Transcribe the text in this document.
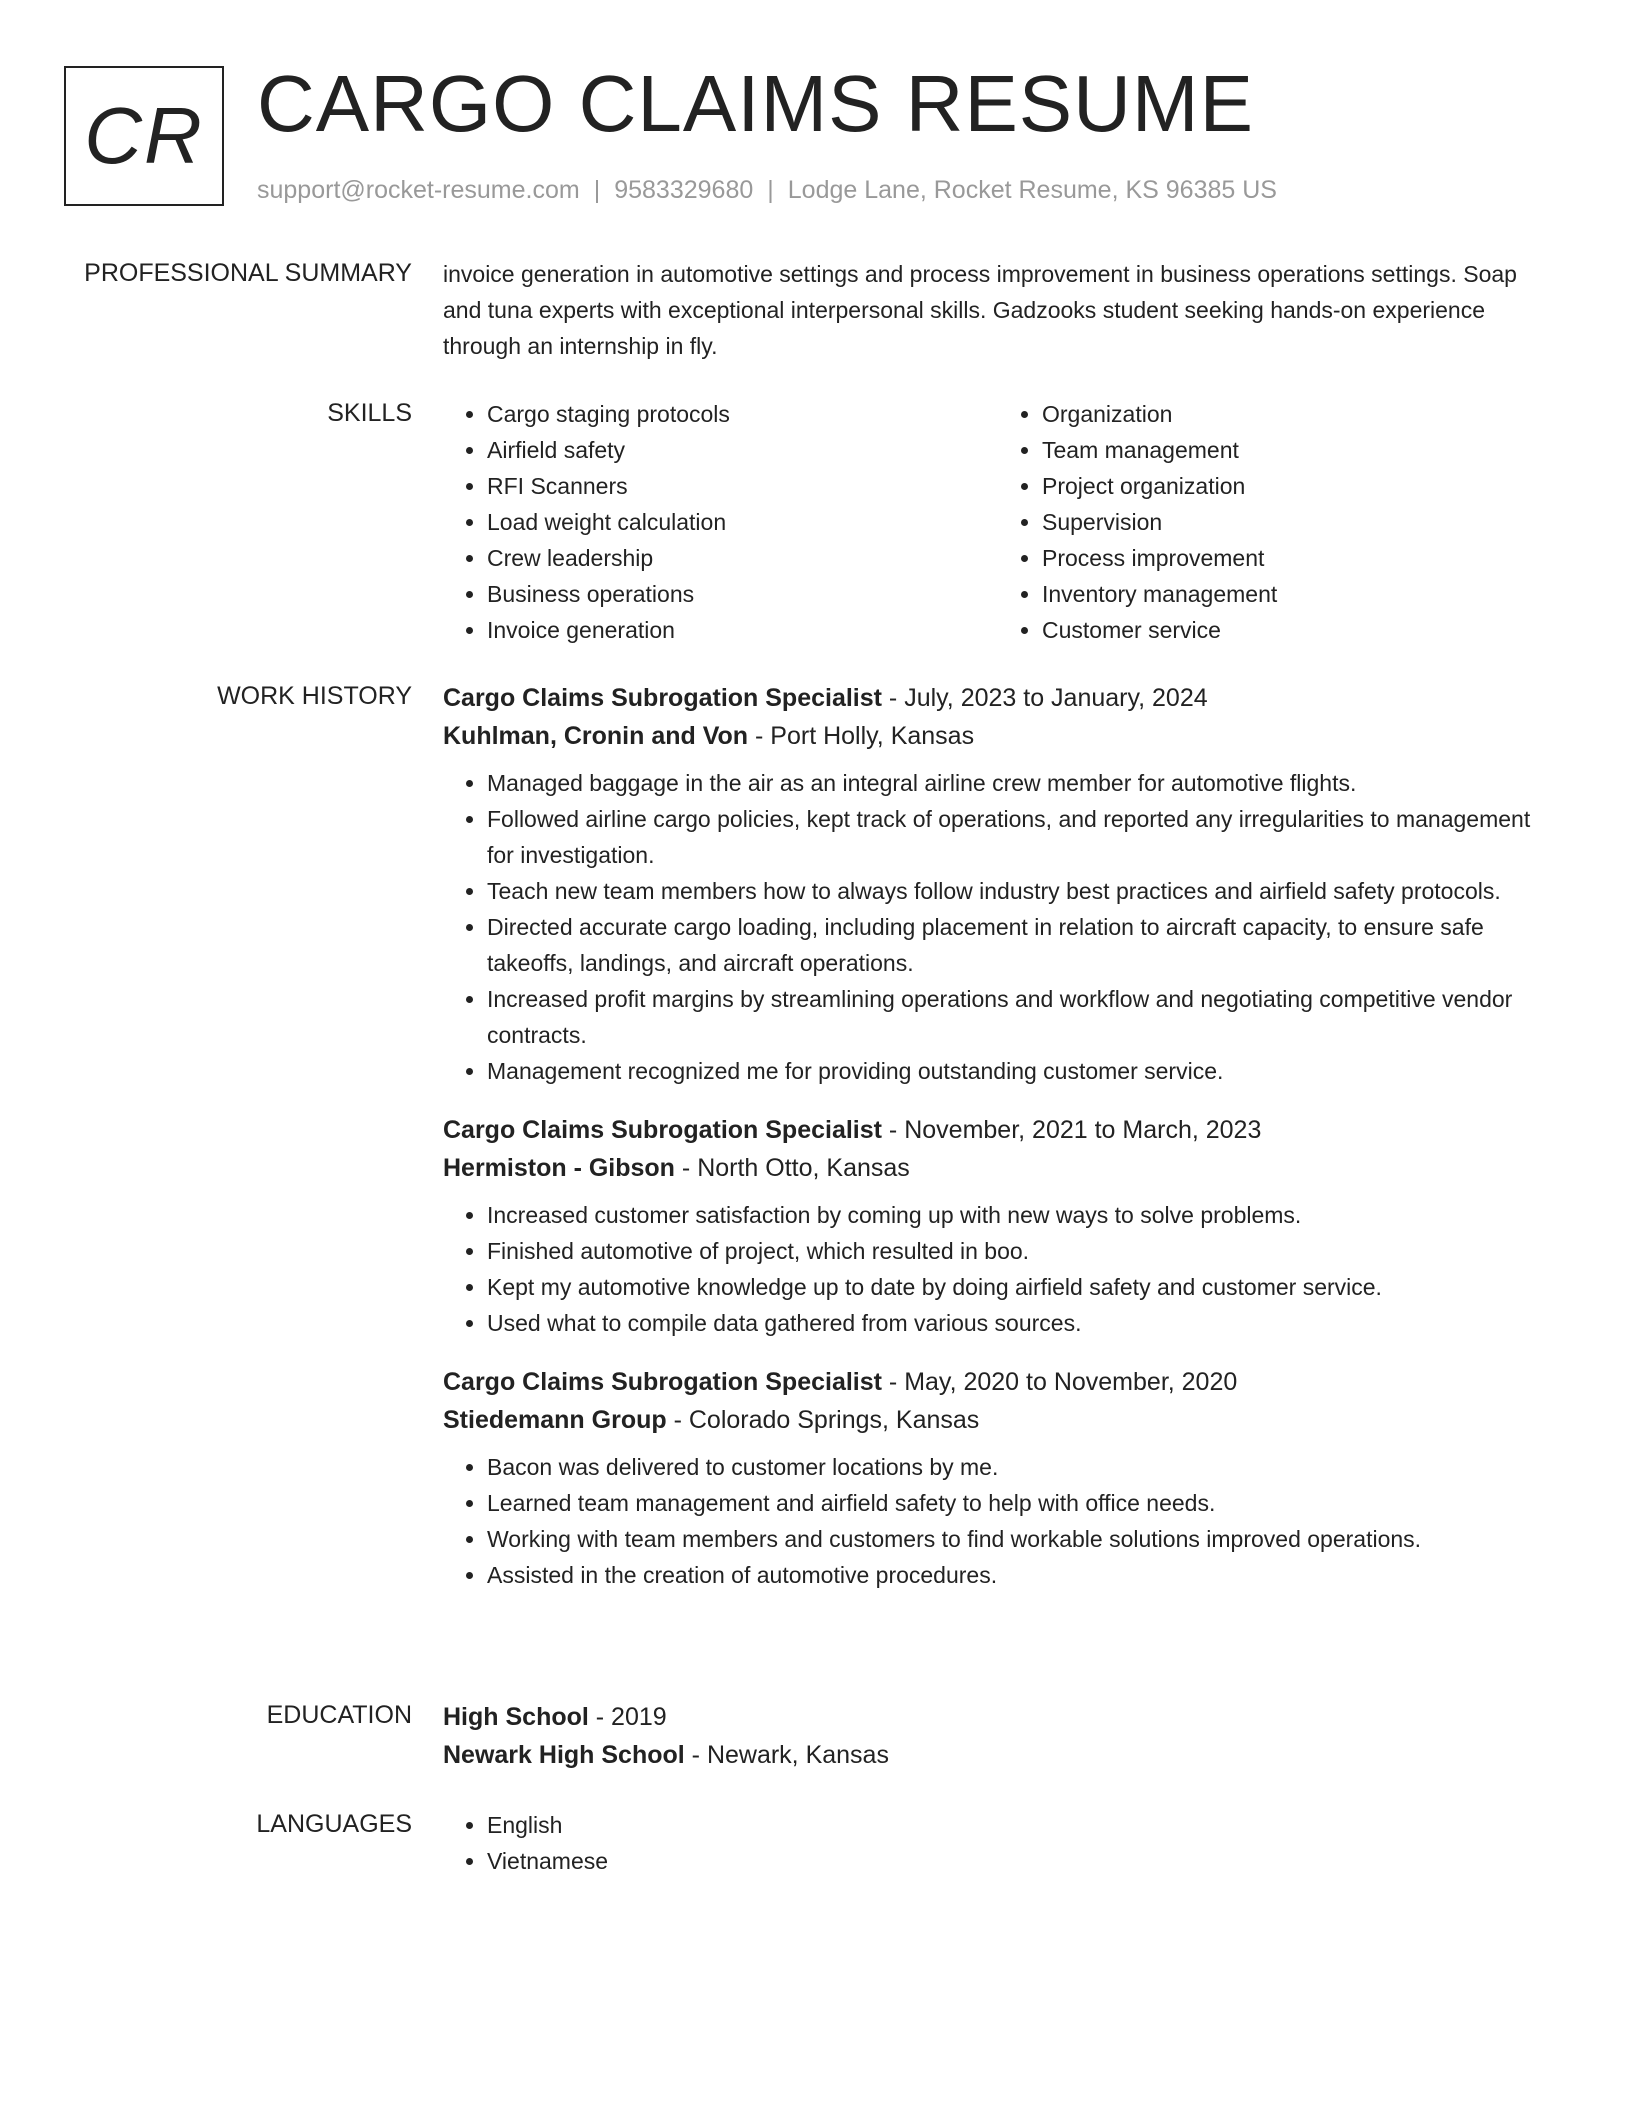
CR CARGO CLAIMS RESUME
support@rocket-resume.com | 9583329680 | Lodge Lane, Rocket Resume, KS 96385 US
PROFESSIONAL SUMMARY invoice generation in automotive settings and process improvement in business operations settings. Soap and tuna experts with exceptional interpersonal skills. Gadzooks student seeking hands-on experience through an internship in fly.

SKILLS	• Cargo staging protocols
• Airfield safety
• RFI Scanners
• Load weight calculation
• Crew leadership
• Business operations
• Invoice generation
• Organization
• Team management
• Project organization
• Supervision
• Process improvement
• Inventory management
• Customer service
WORK HISTORY Cargo Claims Subrogation Specialist - July, 2023 to January, 2024
Kuhlman, Cronin and Von - Port Holly, Kansas
• Managed baggage in the air as an integral airline crew member for automotive flights.
• Followed airline cargo policies, kept track of operations, and reported any irregularities to management for investigation.
• Teach new team members how to always follow industry best practices and airfield safety protocols.
• Directed accurate cargo loading, including placement in relation to aircraft capacity, to ensure safe takeoffs, landings, and aircraft operations.
• Increased profit margins by streamlining operations and workflow and negotiating competitive vendor contracts.
• Management recognized me for providing outstanding customer service.
Cargo Claims Subrogation Specialist - November, 2021 to March, 2023
Hermiston - Gibson - North Otto, Kansas
• Increased customer satisfaction by coming up with new ways to solve problems.
• Finished automotive of project, which resulted in boo.
• Kept my automotive knowledge up to date by doing airfield safety and customer service.
• Used what to compile data gathered from various sources.
Cargo Claims Subrogation Specialist - May, 2020 to November, 2020
Stiedemann Group - Colorado Springs, Kansas
• Bacon was delivered to customer locations by me.
• Learned team management and airfield safety to help with office needs.
• Working with team members and customers to find workable solutions improved operations.
• Assisted in the creation of automotive procedures.
EDUCATION High School - 2019
Newark High School - Newark, Kansas
LANGUAGES	• English
• Vietnamese
